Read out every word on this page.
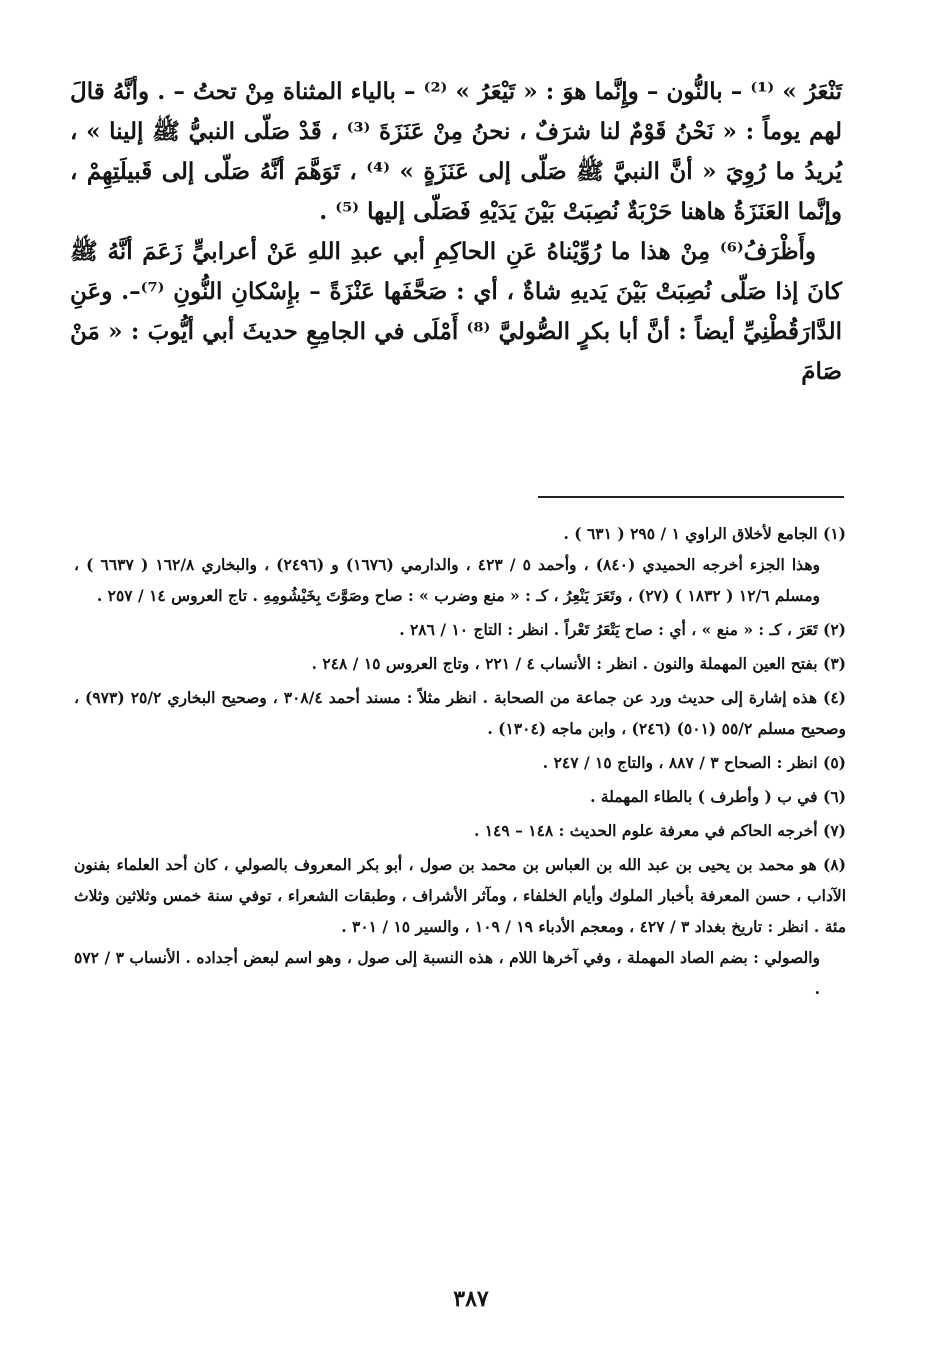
تَنْعَرُ » ⁽¹⁾ – بالنُّون – وإِنَّما هوَ : « تَيْعَرُ » ⁽²⁾ – بالياء المثناة مِنْ تحتُ – . وأنَّهُ قالَ لهم يوماً : « نَحْنُ قَوْمٌ لنا شرَفٌ ، نحنُ مِنْ عَنَزَةَ ⁽³⁾ ، قَدْ صَلّى النبيُّ ﷺ إلينا » ، يُريدُ ما رُوِيَ « أنَّ النبيَّ ﷺ صَلّى إلى عَنَزَةٍ » ⁽⁴⁾ ، تَوَهَّمَ أنَّهُ صَلّى إلى قَبيلَتِهِمْ ، وإنَّما العَنَزَةُ هاهنا حَرْبَةٌ نُصِبَتْ بَيْنَ يَدَيْهِ فَصَلّى إليها ⁽⁵⁾ .

وأَظْرَفُ⁽⁶⁾ مِنْ هذا ما رُوِّيْناهُ عَنِ الحاكِمِ أبي عبدِ اللهِ عَنْ أعرابيٍّ زَعَمَ أنَّهُ ﷺ كانَ إذا صَلّى نُصِبَتْ بَيْنَ يَديهِ شاةٌ ، أي : صَحَّفَها عَنْزَةً – بإِسْكانِ النُّونِ ⁽⁷⁾–. وعَنِ الدَّارَقُطْنِيِّ أيضاً : أنَّ أبا بكرٍ الصُّوليَّ ⁽⁸⁾ أَمْلَى في الجامِعِ حديثَ أبي أيُّوبَ : « مَنْ صَامَ

(١) الجامع لأخلاق الراوي ١ / ٢٩٥ ( ٦٣١ ) .

وهذا الجزء أخرجه الحميدي (٨٤٠) ، وأحمد ٥ / ٤٢٣ ، والدارمي (١٦٧٦) و (٢٤٩٦) ، والبخاري ١٦٢/٨ ( ٦٦٣٧ ) ، ومسلم ١٢/٦ ( ١٨٣٢ ) (٢٧) ، وتَعَرَ يَنْعِرُ ، كـ : « منع وضرب » : صاح وصَوَّتَ بِخَيْشُومِهِ . تاج العروس ١٤ / ٢٥٧ .

(٢) تَعَرَ ، كـ : « منع » ، أي : صاح يَتْعَرُ تَعْراً . انظر : التاج ١٠ / ٢٨٦ .

(٣) بفتح العين المهملة والنون . انظر : الأنساب ٤ / ٢٢١ ، وتاج العروس ١٥ / ٢٤٨ .

(٤) هذه إشارة إلى حديث ورد عن جماعة من الصحابة . انظر مثلاً : مسند أحمد ٣٠٨/٤ ، وصحيح البخاري ٢٥/٢ (٩٧٣) ، وصحيح مسلم ٥٥/٢ (٥٠١) (٢٤٦) ، وابن ماجه (١٣٠٤) .

(٥) انظر : الصحاح ٣ / ٨٨٧ ، والتاج ١٥ / ٢٤٧ .

(٦) في ب ( وأطرف ) بالطاء المهملة .

(٧) أخرجه الحاكم في معرفة علوم الحديث : ١٤٨ – ١٤٩ .

(٨) هو محمد بن يحيى بن عبد الله بن العباس بن محمد بن صول ، أبو بكر المعروف بالصولي ، كان أحد العلماء بفنون الآداب ، حسن المعرفة بأخبار الملوك وأيام الخلفاء ، ومآثر الأشراف ، وطبقات الشعراء ، توفي سنة خمس وثلاثين وثلاث مئة . انظر : تاريخ بغداد ٣ / ٤٢٧ ، ومعجم الأدباء ١٩ / ١٠٩ ، والسير ١٥ / ٣٠١ .

والصولي : بضم الصاد المهملة ، وفي آخرها اللام ، هذه النسبة إلى صول ، وهو اسم لبعض أجداده . الأنساب ٣ / ٥٧٢ .

٣٨٧
